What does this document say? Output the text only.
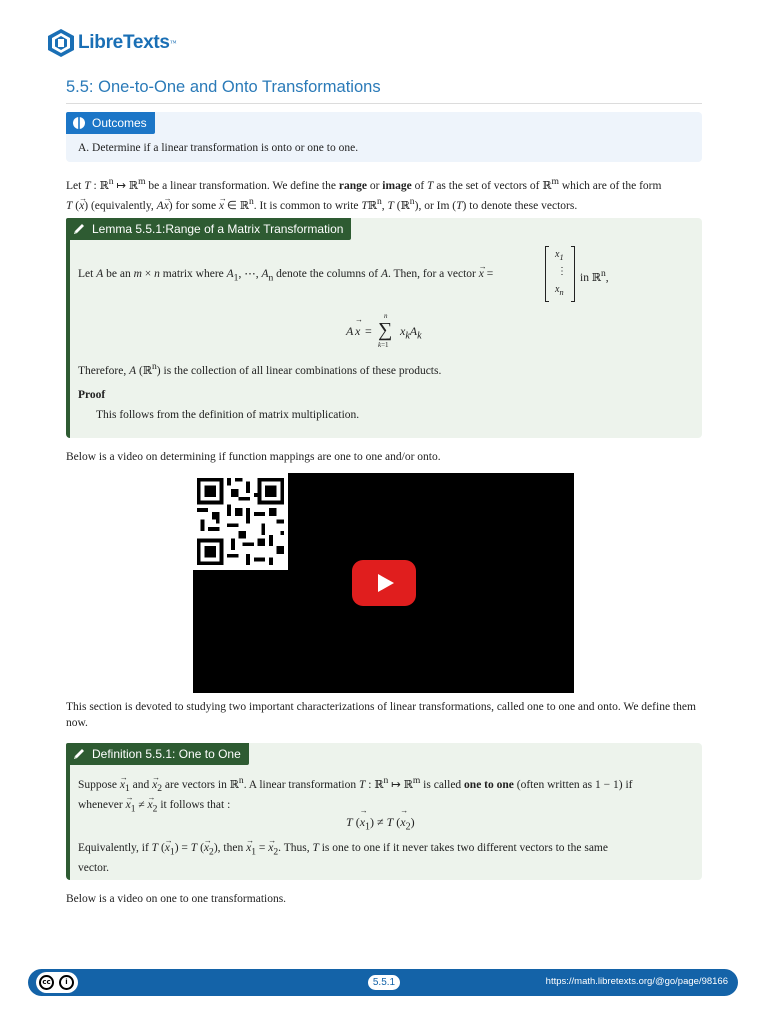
LibreTexts ™
5.5: One-to-One and Onto Transformations
Outcomes
A. Determine if a linear transformation is onto or one to one.

Let T : ℝ$^n$ ↦ ℝ$^m$ be a linear transformation. We define the range or image of T as the set of vectors of ℝ$^m$ which are of the form
T (x →) (equivalently, Ax →) for some x → ∈ ℝ$^n$. It is common to write Tℝ$^n$, T (ℝ$^n$), or Im (T) to denote these vectors.

Lemma 5.5.1:Range of a Matrix Transformation
Let A be an m × n matrix where $A_1$, ⋯, $A_n$ denote the columns of A. Then, for a vector x → =
$x_1$
⋮
$x_n$
in ℝ$^n$,
A x → =
n
∑
k=1
$x_kA_k$
Therefore, A (ℝ$^n$) is the collection of all linear combinations of these products.
Proof
This follows from the definition of matrix multiplication.

Below is a video on determining if function mappings are one to one and/or onto.

This section is devoted to studying two important characterizations of linear transformations, called one to one and onto. We define them now.

Definition 5.5.1: One to One
Suppose $x \to_1$ and $x \to_2$ are vectors in ℝ$^n$. A linear transformation T : ℝ$^n$ ↦ ℝ$^m$ is called one to one (often written as 1 − 1) if
whenever $x \to_1 \ne x \to_2$ it follows that :
T $(x \to_1) \ne T$ $(x \to_2)$
Equivalently, if T $(x \to_1) = T$ $(x \to_2)$, then $x \to_1 = x \to_2$. Thus, T is one to one if it never takes two different vectors to the same
vector.

Below is a video on one to one transformations.

cc	i	5.5.1	https://math.libretexts.org/@go/page/98166
